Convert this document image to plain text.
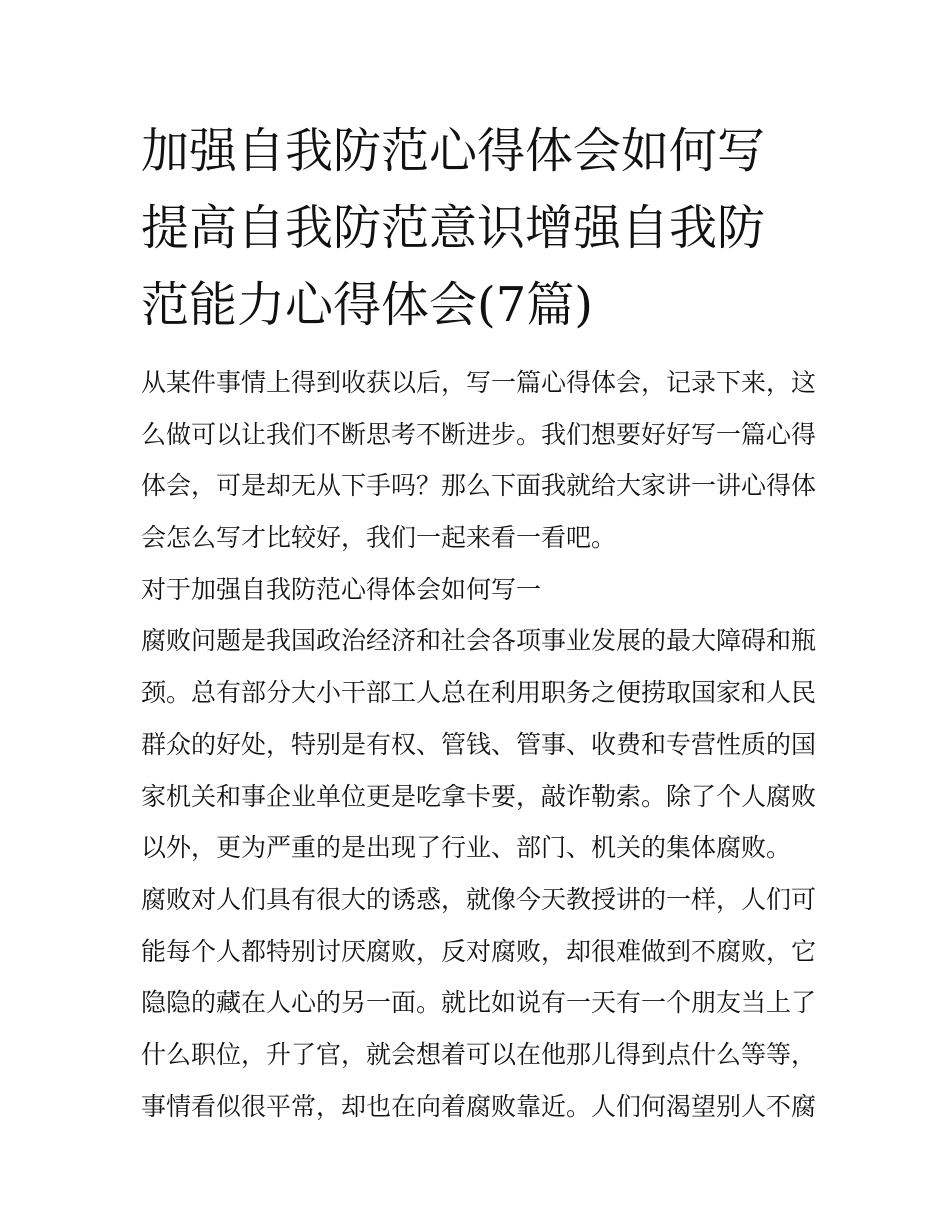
加强自我防范心得体会如何写
提高自我防范意识增强自我防
范能力心得体会(7篇)
从某件事情上得到收获以后，写一篇心得体会，记录下来，这
么做可以让我们不断思考不断进步。我们想要好好写一篇心得
体会，可是却无从下手吗？那么下面我就给大家讲一讲心得体
会怎么写才比较好，我们一起来看一看吧。
对于加强自我防范心得体会如何写一
腐败问题是我国政治经济和社会各项事业发展的最大障碍和瓶
颈。总有部分大小干部工人总在利用职务之便捞取国家和人民
群众的好处，特别是有权、管钱、管事、收费和专营性质的国
家机关和事企业单位更是吃拿卡要，敲诈勒索。除了个人腐败
以外，更为严重的是出现了行业、部门、机关的集体腐败。
腐败对人们具有很大的诱惑，就像今天教授讲的一样，人们可
能每个人都特别讨厌腐败，反对腐败，却很难做到不腐败，它
隐隐的藏在人心的另一面。就比如说有一天有一个朋友当上了
什么职位，升了官，就会想着可以在他那儿得到点什么等等，
事情看似很平常，却也在向着腐败靠近。人们何渴望别人不腐
